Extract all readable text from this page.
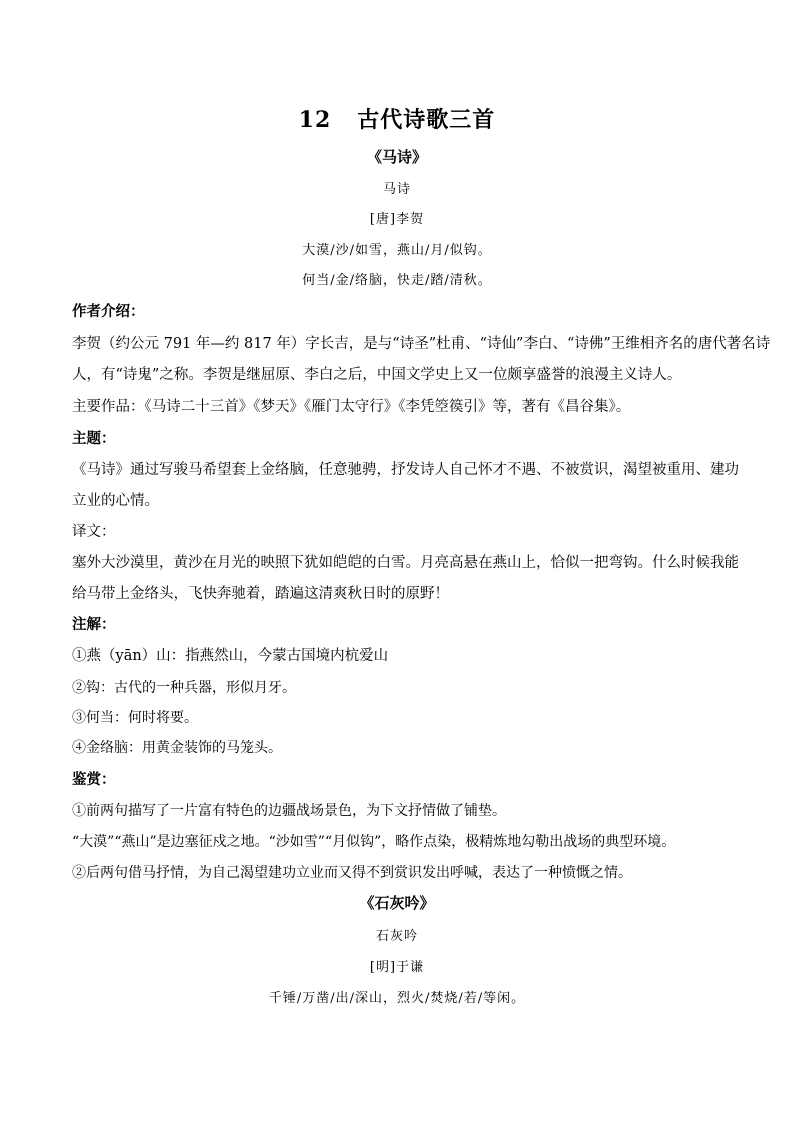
12 古代诗歌三首
《马诗》
马诗
[唐]李贺
大漠/沙/如雪，燕山/月/似钩。
何当/金/络脑，快走/踏/清秋。
作者介绍：
李贺（约公元 791 年—约 817 年）字长吉，是与“诗圣”杜甫、“诗仙”李白、“诗佛”王维相齐名的唐代著名诗
人，有“诗鬼”之称。李贺是继屈原、李白之后，中国文学史上又一位颇享盛誉的浪漫主义诗人。
主要作品：《马诗二十三首》《梦天》《雁门太守行》《李凭箜篌引》等，著有《昌谷集》。
主题：
《马诗》通过写骏马希望套上金络脑，任意驰骋，抒发诗人自己怀才不遇、不被赏识，渴望被重用、建功
立业的心情。
译文：
塞外大沙漠里，黄沙在月光的映照下犹如皑皑的白雪。月亮高悬在燕山上，恰似一把弯钩。什么时候我能
给马带上金络头，飞快奔驰着，踏遍这清爽秋日时的原野！
注解：
①燕（yān）山：指燕然山，今蒙古国境内杭爱山
②钩：古代的一种兵器，形似月牙。
③何当：何时将要。
④金络脑：用黄金装饰的马笼头。
鉴赏：
①前两句描写了一片富有特色的边疆战场景色，为下文抒情做了铺垫。
“大漠”“燕山”是边塞征戍之地。“沙如雪”“月似钩”，略作点染，极精炼地勾勒出战场的典型环境。
②后两句借马抒情，为自己渴望建功立业而又得不到赏识发出呼喊，表达了一种愤慨之情。
《石灰吟》
石灰吟
[明]于谦
千锤/万凿/出/深山，烈火/焚烧/若/等闲。
